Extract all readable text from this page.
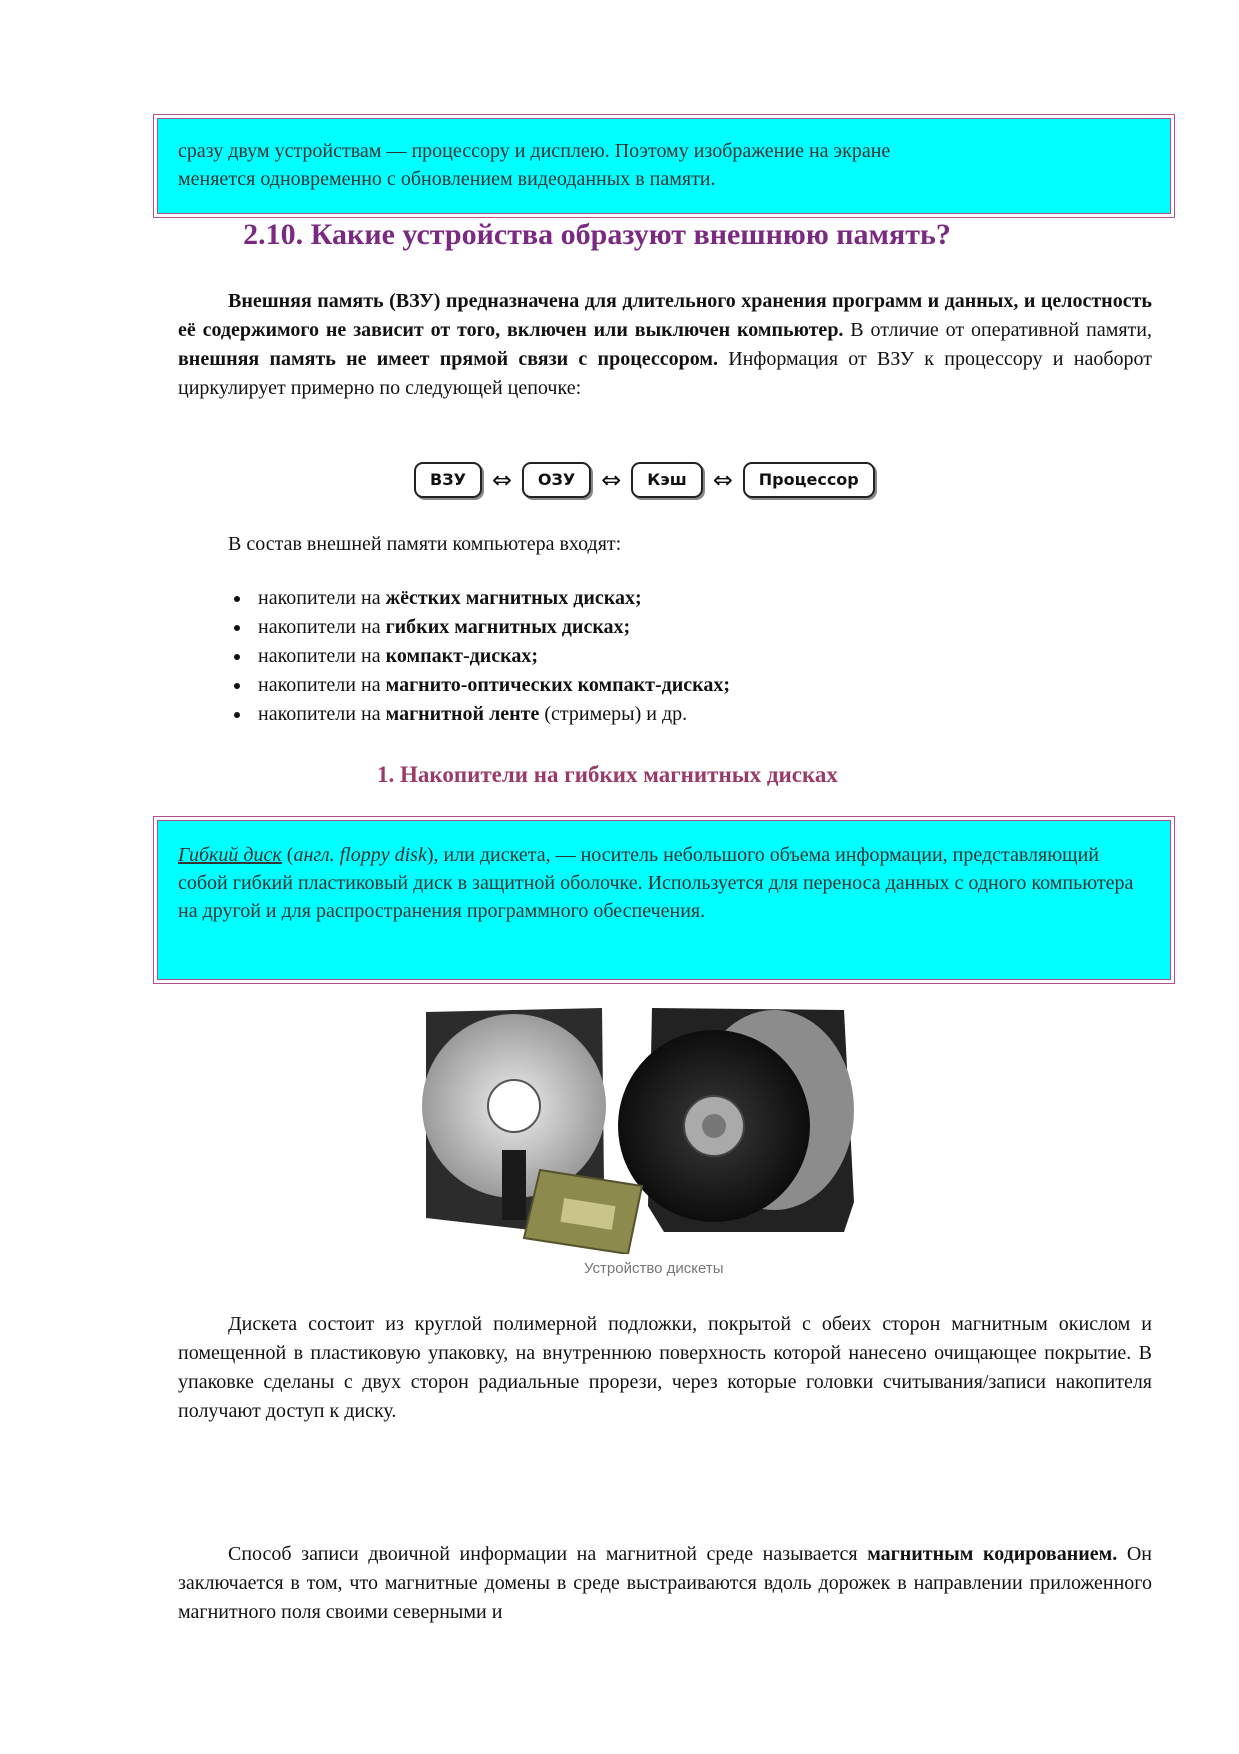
сразу двум устройствам — процессору и дисплею. Поэтому изображение на экране

меняется одновременно с обновлением видеоданных в памяти.

2.10. Какие устройства образуют внешнюю память?

Внешняя память (ВЗУ) предназначена для длительного хранения программ и данных, и целостность её содержимого не зависит от того, включен или выключен компьютер. В отличие от оперативной памяти, внешняя память не имеет прямой связи с процессором. Информация от ВЗУ к процессору и наоборот циркулирует примерно по следующей цепочке:

ВЗУ	⇔	ОЗУ	⇔	Кэш	⇔	Процессор

В состав внешней памяти компьютера входят:

• накопители на жёстких магнитных дисках;
• накопители на гибких магнитных дисках;
• накопители на компакт-дисках;
• накопители на магнито-оптических компакт-дисках;
• накопители на магнитной ленте (стримеры) и др.
1. Накопители на гибких магнитных дисках

Гибкий диск (англ. floppy disk), или дискета, — носитель небольшого объема информации, представляющий собой гибкий пластиковый диск в защитной оболочке. Используется для переноса данных с одного компьютера на другой и для распространения программного обеспечения.

Устройство дискеты

Дискета состоит из круглой полимерной подложки, покрытой с обеих сторон магнитным окислом и помещенной в пластиковую упаковку, на внутреннюю поверхность которой нанесено очищающее покрытие. В упаковке сделаны с двух сторон радиальные прорези, через которые головки считывания/записи накопителя получают доступ к диску.

Способ записи двоичной информации на магнитной среде называется магнитным кодированием. Он заключается в том, что магнитные домены в среде выстраиваются вдоль дорожек в направлении приложенного магнитного поля своими северными и
